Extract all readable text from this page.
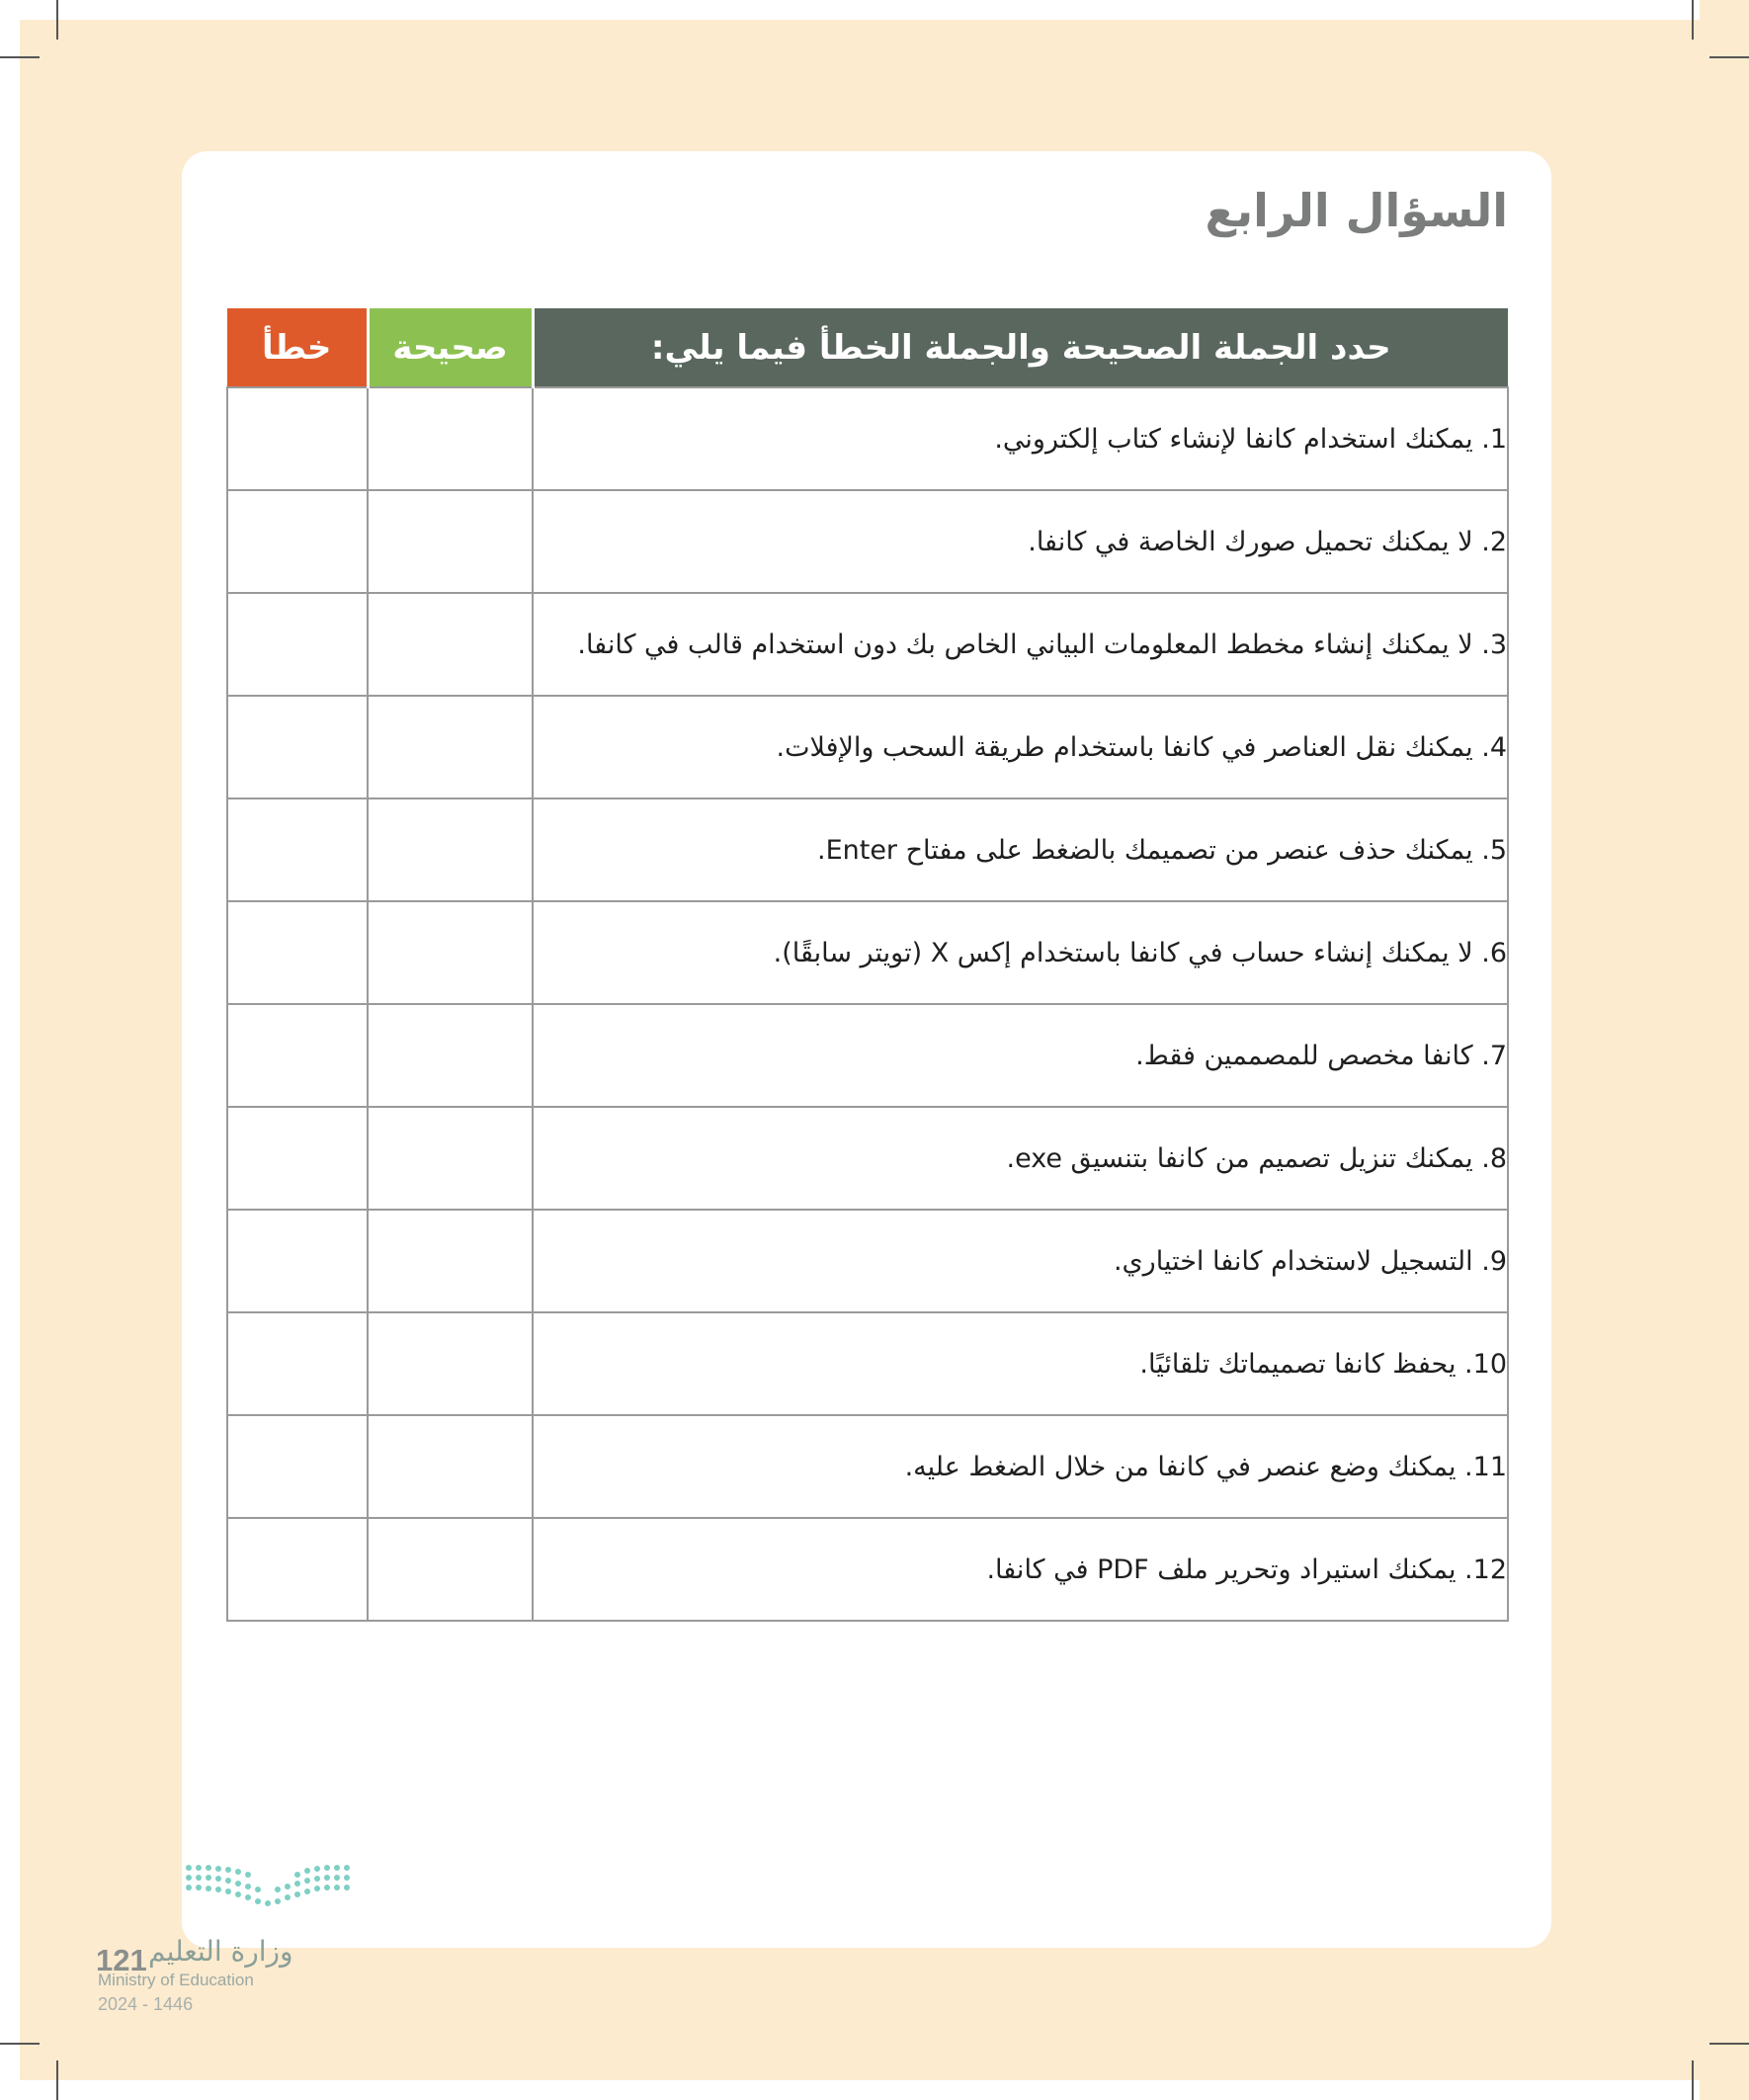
السؤال الرابع
خطأ	صحيحة	حدد الجملة الصحيحة والجملة الخطأ فيما يلي:
		1. يمكنك استخدام كانفا لإنشاء كتاب إلكتروني.
		2. لا يمكنك تحميل صورك الخاصة في كانفا.
		3. لا يمكنك إنشاء مخطط المعلومات البياني الخاص بك دون استخدام قالب في كانفا.
		4. يمكنك نقل العناصر في كانفا باستخدام طريقة السحب والإفلات.
		5. يمكنك حذف عنصر من تصميمك بالضغط على مفتاح Enter.
		6. لا يمكنك إنشاء حساب في كانفا باستخدام إكس X (تويتر سابقًا).
		7. كانفا مخصص للمصممين فقط.
		8. يمكنك تنزيل تصميم من كانفا بتنسيق exe.
		9. التسجيل لاستخدام كانفا اختياري.
		10. يحفظ كانفا تصميماتك تلقائيًا.
		11. يمكنك وضع عنصر في كانفا من خلال الضغط عليه.
		12. يمكنك استيراد وتحرير ملف PDF في كانفا.
وزارة التعليم
121
Ministry of Education
2024 - 1446
